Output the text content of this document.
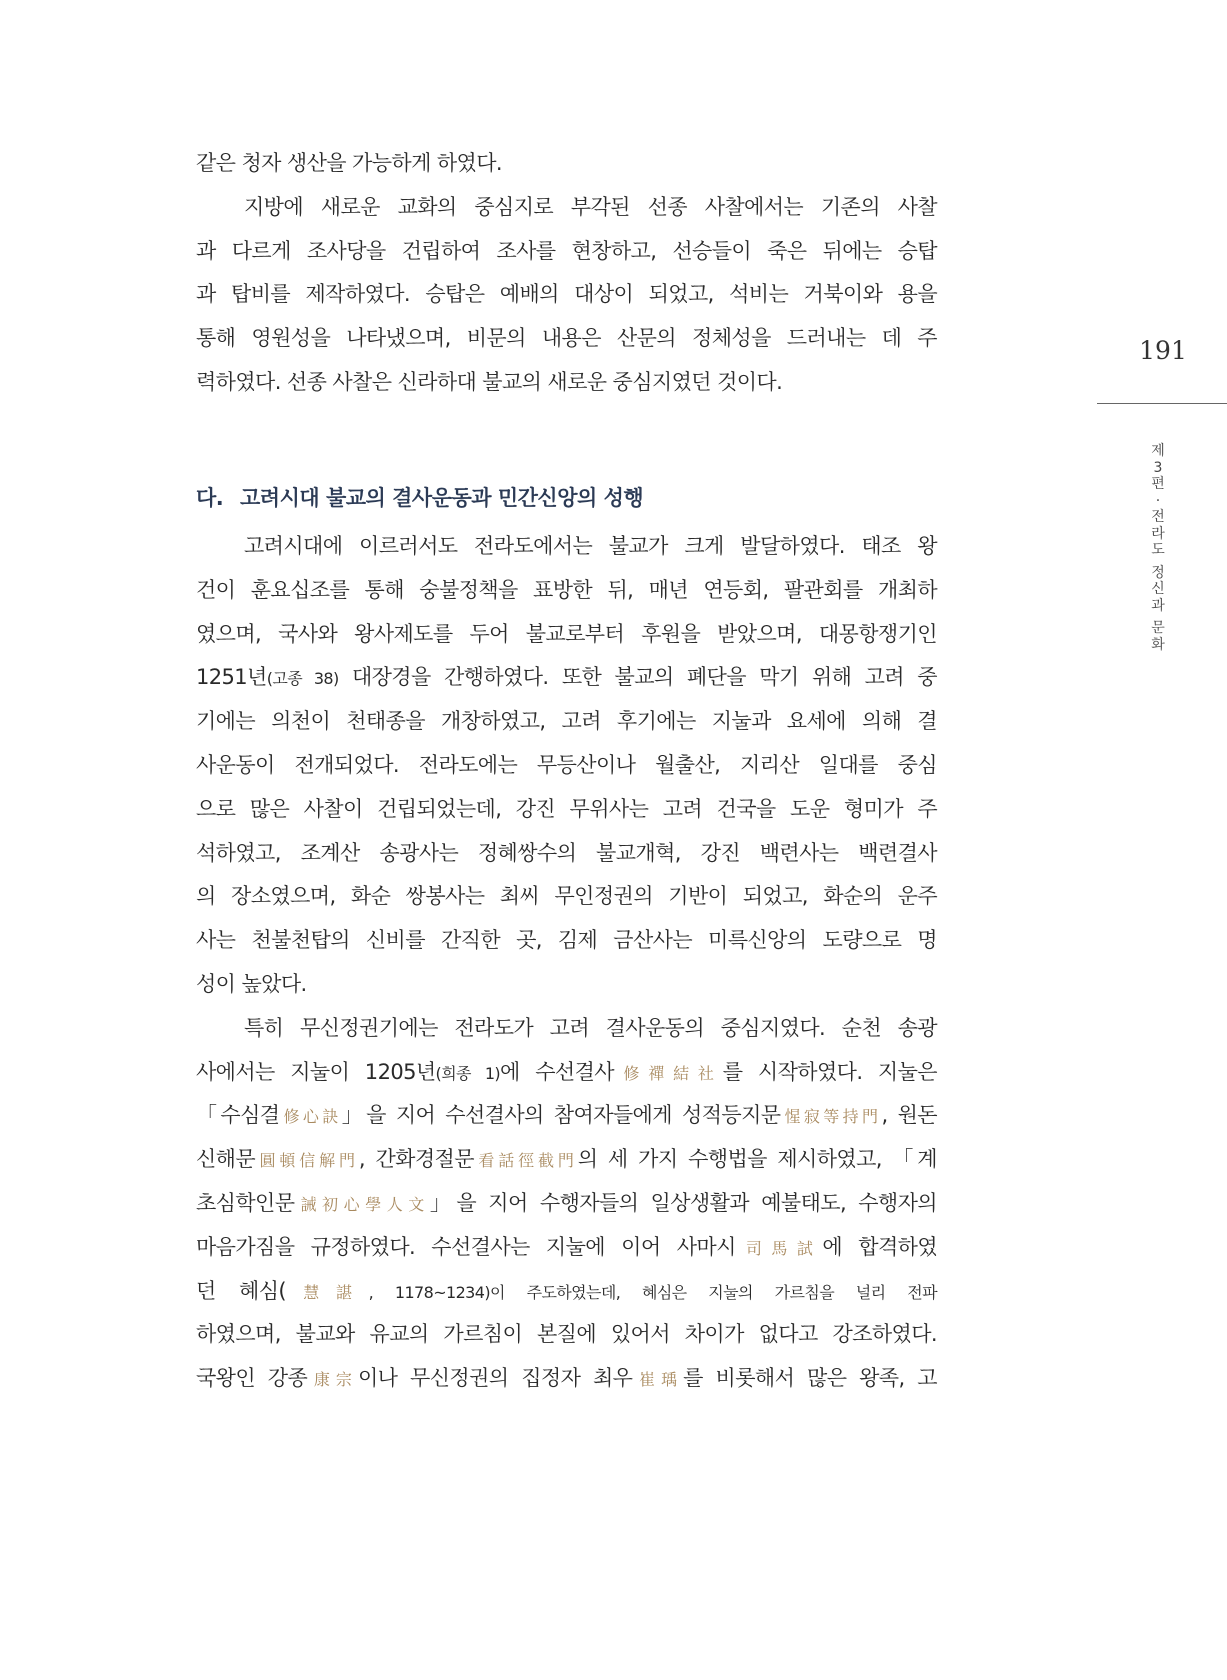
같은 청자 생산을 가능하게 하였다.
지방에 새로운 교화의 중심지로 부각된 선종 사찰에서는 기존의 사찰
과 다르게 조사당을 건립하여 조사를 현창하고, 선승들이 죽은 뒤에는 승탑
과 탑비를 제작하였다. 승탑은 예배의 대상이 되었고, 석비는 거북이와 용을
통해 영원성을 나타냈으며, 비문의 내용은 산문의 정체성을 드러내는 데 주
력하였다. 선종 사찰은 신라하대 불교의 새로운 중심지였던 것이다.
다. 고려시대 불교의 결사운동과 민간신앙의 성행
고려시대에 이르러서도 전라도에서는 불교가 크게 발달하였다. 태조 왕
건이 훈요십조를 통해 숭불정책을 표방한 뒤, 매년 연등회, 팔관회를 개최하
였으며, 국사와 왕사제도를 두어 불교로부터 후원을 받았으며, 대몽항쟁기인
1251년(고종 38) 대장경을 간행하였다. 또한 불교의 폐단을 막기 위해 고려 중
기에는 의천이 천태종을 개창하였고, 고려 후기에는 지눌과 요세에 의해 결
사운동이 전개되었다. 전라도에는 무등산이나 월출산, 지리산 일대를 중심
으로 많은 사찰이 건립되었는데, 강진 무위사는 고려 건국을 도운 형미가 주
석하였고, 조계산 송광사는 정혜쌍수의 불교개혁, 강진 백련사는 백련결사
의 장소였으며, 화순 쌍봉사는 최씨 무인정권의 기반이 되었고, 화순의 운주
사는 천불천탑의 신비를 간직한 곳, 김제 금산사는 미륵신앙의 도량으로 명
성이 높았다.
특히 무신정권기에는 전라도가 고려 결사운동의 중심지였다. 순천 송광
사에서는 지눌이 1205년(희종 1)에 수선결사修禪結社를 시작하였다. 지눌은
「수심결修心訣」을 지어 수선결사의 참여자들에게 성적등지문惺寂等持門, 원돈
신해문圓頓信解門, 간화경절문看話徑截門의 세 가지 수행법을 제시하였고, 「계
초심학인문誡初心學人文」을 지어 수행자들의 일상생활과 예불태도, 수행자의
마음가짐을 규정하였다. 수선결사는 지눌에 이어 사마시司馬試에 합격하였
던 혜심(慧諶, 1178~1234)이 주도하였는데, 혜심은 지눌의 가르침을 널리 전파
하였으며, 불교와 유교의 가르침이 본질에 있어서 차이가 없다고 강조하였다.
국왕인 강종康宗이나 무신정권의 집정자 최우崔瑀를 비롯해서 많은 왕족, 고
191
제
3
편
·
전
라
도

정
신
과

문
화
